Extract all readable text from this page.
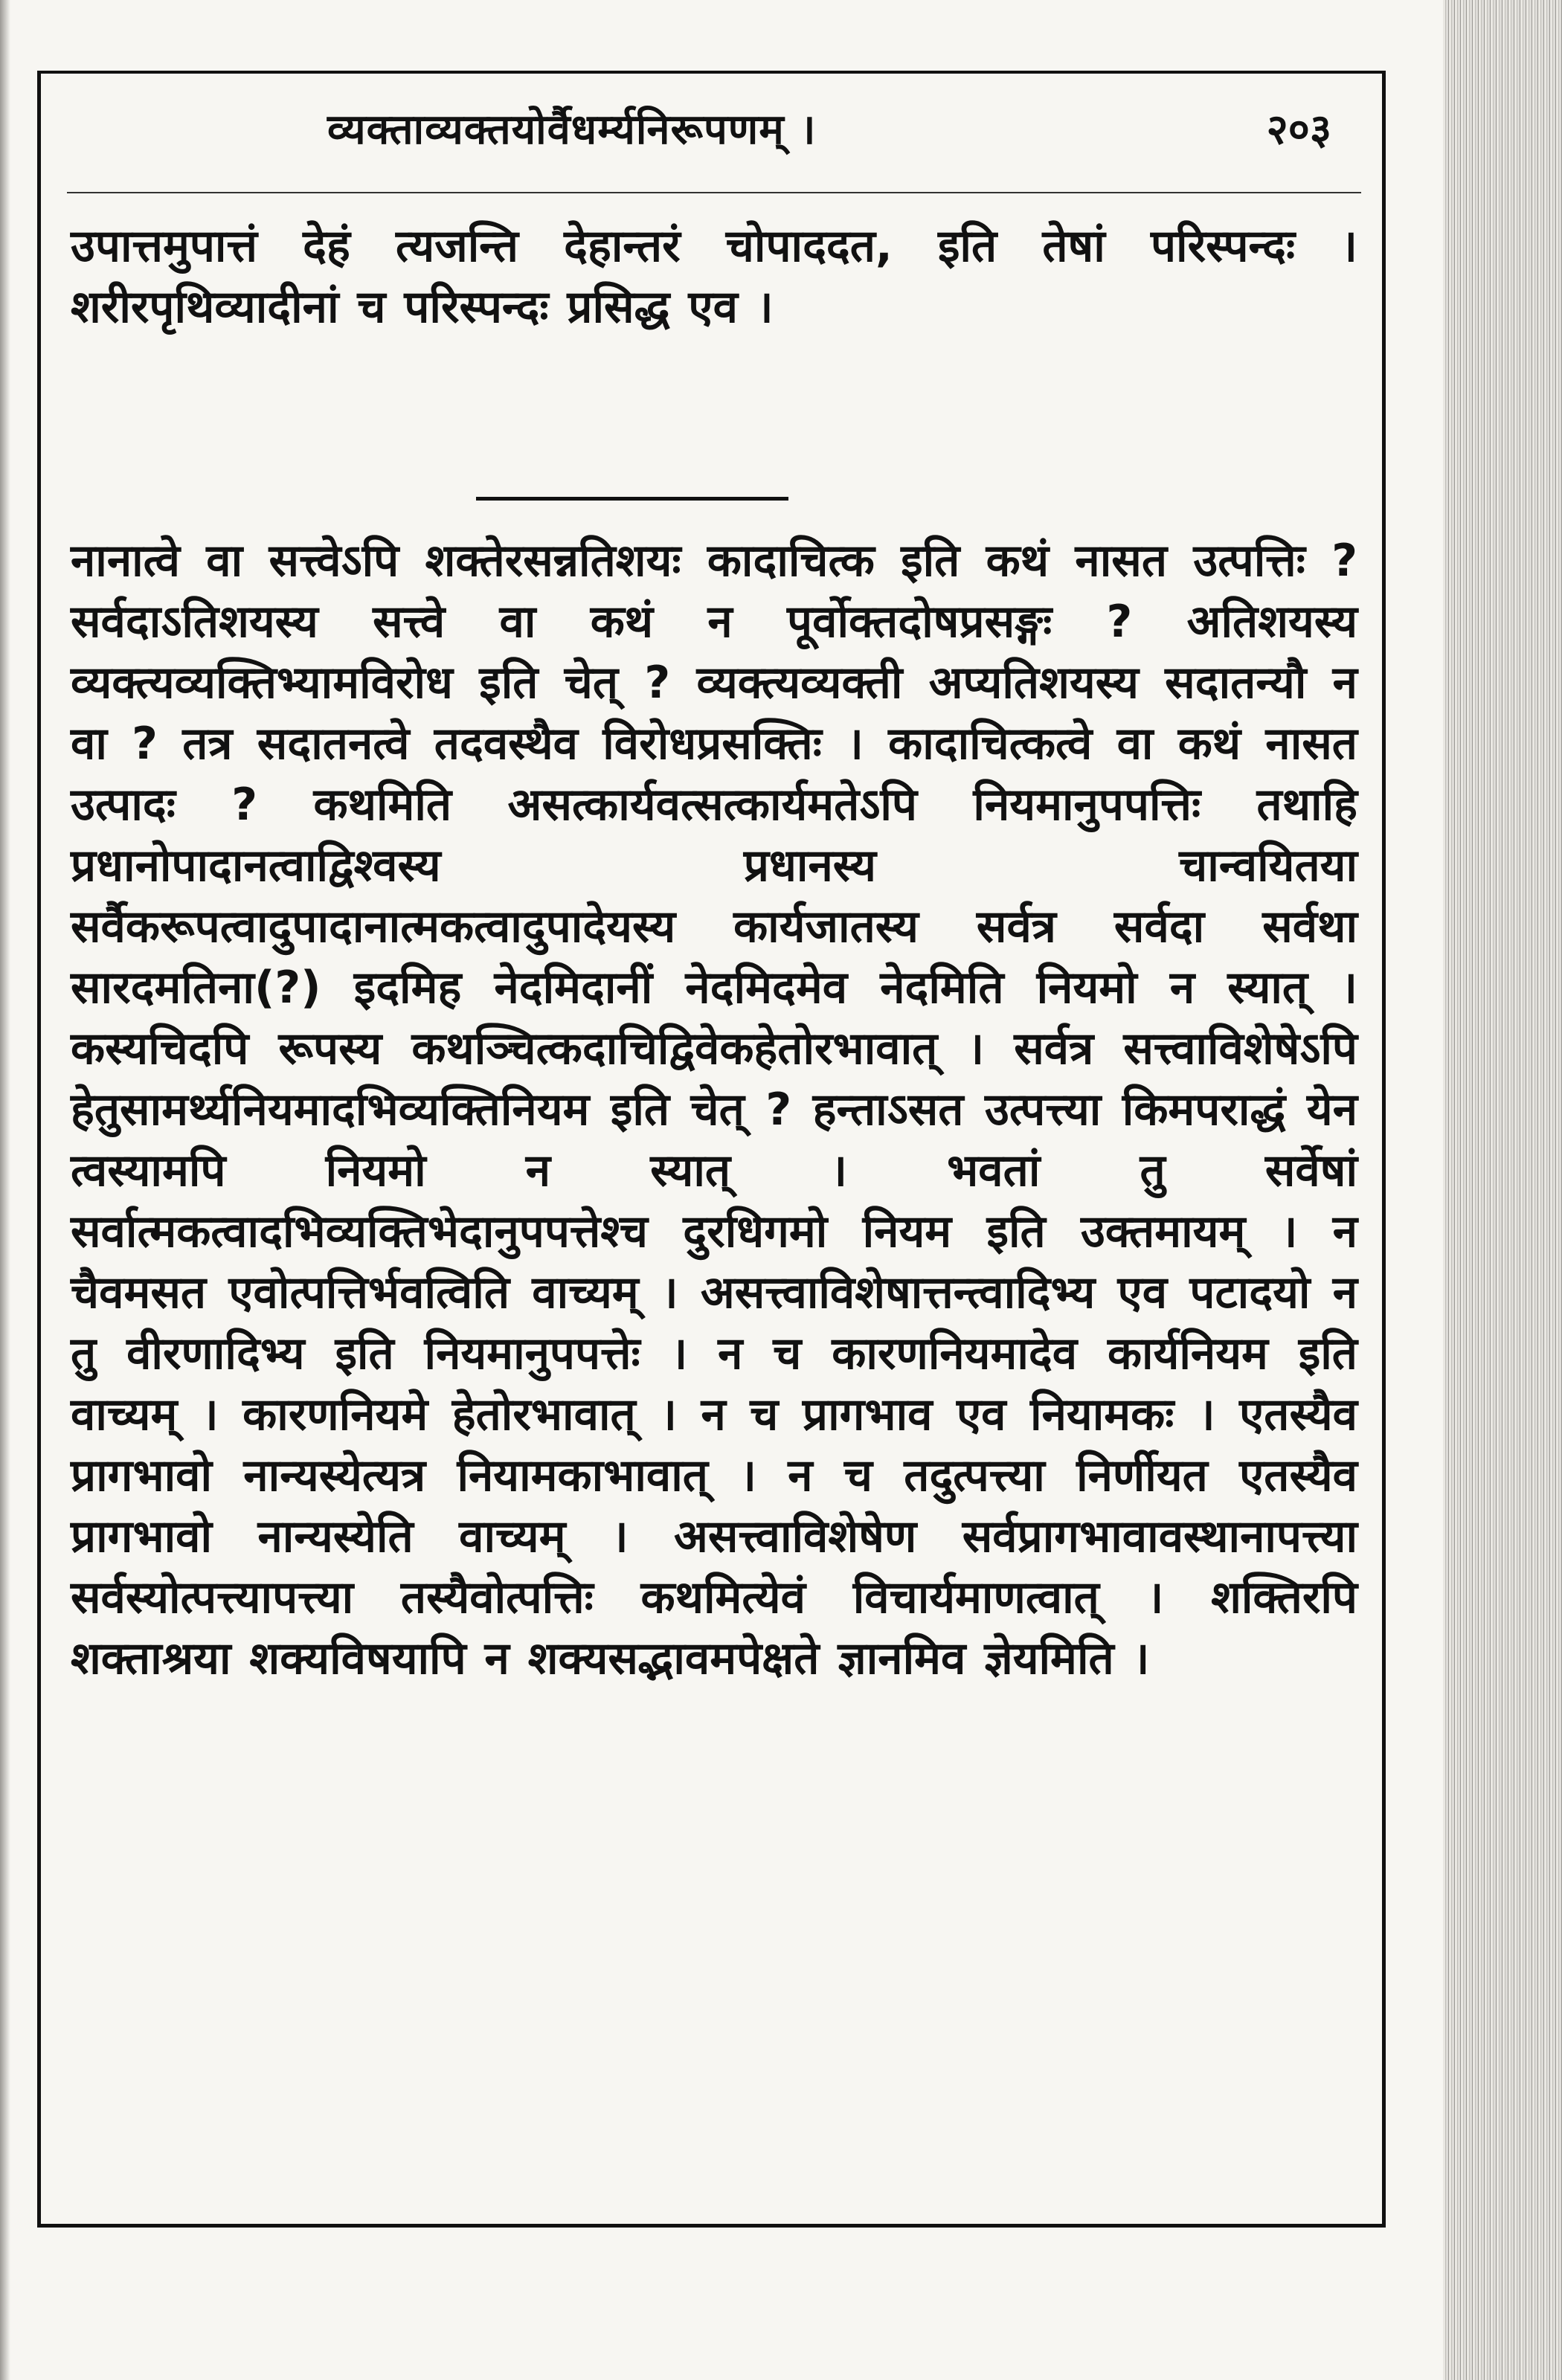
व्यक्ताव्यक्तयोर्वैधर्म्यनिरूपणम् ।	२०३

उपात्तमुपात्तं देहं त्यजन्ति देहान्तरं चोपाददत, इति तेषां परिस्पन्दः । शरीरपृथिव्यादीनां च परिस्पन्दः प्रसिद्ध एव ।

नानात्वे वा सत्त्वेऽपि शक्तेरसन्नतिशयः कादाचित्क इति कथं नासत उत्पत्तिः ? सर्वदाऽतिशयस्य सत्त्वे वा कथं न पूर्वोक्तदोषप्रसङ्गः ? अतिशयस्य व्यक्त्यव्यक्तिभ्यामविरोध इति चेत् ? व्यक्त्यव्यक्ती अप्यतिशयस्य सदातन्यौ न वा ? तत्र सदातनत्वे तदवस्थैव विरोधप्रसक्तिः । कादाचित्कत्वे वा कथं नासत उत्पादः ? कथमिति असत्कार्यवत्सत्कार्यमतेऽपि नियमानुपपत्तिः तथाहि प्रधानोपादानत्वाद्विश्वस्य प्रधानस्य चान्वयितया सर्वैकरूपत्वादुपादानात्मकत्वादुपादेयस्य कार्यजातस्य सर्वत्र सर्वदा सर्वथा सारदमतिना(?) इदमिह नेदमिदानीं नेदमिदमेव नेदमिति नियमो न स्यात् । कस्यचिदपि रूपस्य कथञ्चित्कदाचिद्विवेकहेतोरभावात् । सर्वत्र सत्त्वाविशेषेऽपि हेतुसामर्थ्यनियमादभिव्यक्तिनियम इति चेत् ? हन्ताऽसत उत्पत्त्या किमपराद्धं येन त्वस्यामपि नियमो न स्यात् । भवतां तु सर्वेषां सर्वात्मकत्वादभिव्यक्तिभेदानुपपत्तेश्च दुरधिगमो नियम इति उक्तमायम् । न चैवमसत एवोत्पत्तिर्भवत्विति वाच्यम् । असत्त्वाविशेषात्तन्त्वादिभ्य एव पटादयो न तु वीरणादिभ्य इति नियमानुपपत्तेः । न च कारणनियमादेव कार्यनियम इति वाच्यम् । कारणनियमे हेतोरभावात् । न च प्रागभाव एव नियामकः । एतस्यैव प्रागभावो नान्यस्येत्यत्र नियामकाभावात् । न च तदुत्पत्त्या निर्णीयत एतस्यैव प्रागभावो नान्यस्येति वाच्यम् । असत्त्वाविशेषेण सर्वप्रागभावावस्थानापत्त्या सर्वस्योत्पत्त्यापत्त्या तस्यैवोत्पत्तिः कथमित्येवं विचार्यमाणत्वात् । शक्तिरपि शक्ताश्रया शक्यविषयापि न शक्यसद्भावमपेक्षते ज्ञानमिव ज्ञेयमिति ।
